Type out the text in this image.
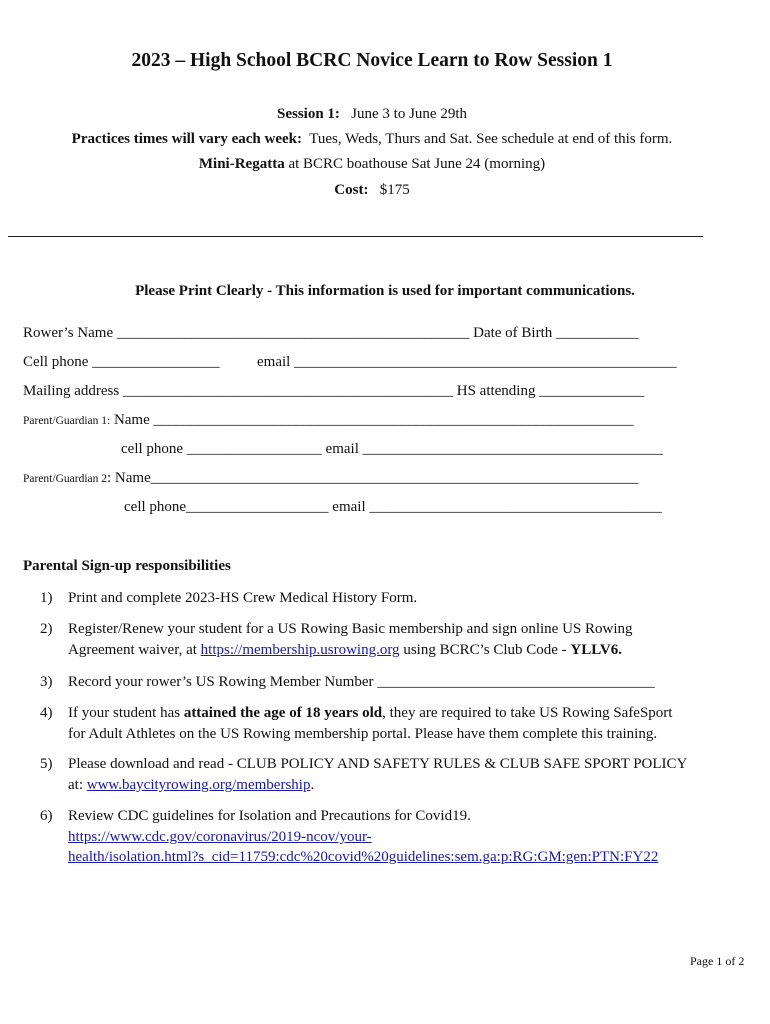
2023 – High School BCRC Novice Learn to Row Session 1
Session 1: June 3 to June 29th
Practices times will vary each week: Tues, Weds, Thurs and Sat. See schedule at end of this form.
Mini-Regatta at BCRC boathouse Sat June 24 (morning)
Cost: $175
Please Print Clearly - This information is used for important communications.
Rower’s Name _______________________________________________ Date of Birth ___________
Cell phone _________________ email ___________________________________________________
Mailing address ____________________________________________ HS attending ______________
Parent/Guardian 1: Name ________________________________________________________________
cell phone __________________ email ________________________________________
Parent/Guardian 2: Name_________________________________________________________________
cell phone___________________ email _______________________________________
Parental Sign-up responsibilities
1) Print and complete 2023-HS Crew Medical History Form.
2) Register/Renew your student for a US Rowing Basic membership and sign online US Rowing
Agreement waiver, at https://membership.usrowing.org using BCRC’s Club Code - YLLV6.
3) Record your rower’s US Rowing Member Number _____________________________________
4) If your student has attained the age of 18 years old, they are required to take US Rowing SafeSport
for Adult Athletes on the US Rowing membership portal. Please have them complete this training.
5) Please download and read - CLUB POLICY AND SAFETY RULES & CLUB SAFE SPORT POLICY
at: www.baycityrowing.org/membership.
6) Review CDC guidelines for Isolation and Precautions for Covid19.
https://www.cdc.gov/coronavirus/2019-ncov/your-
health/isolation.html?s_cid=11759:cdc%20covid%20guidelines:sem.ga:p:RG:GM:gen:PTN:FY22
Page 1 of 2
